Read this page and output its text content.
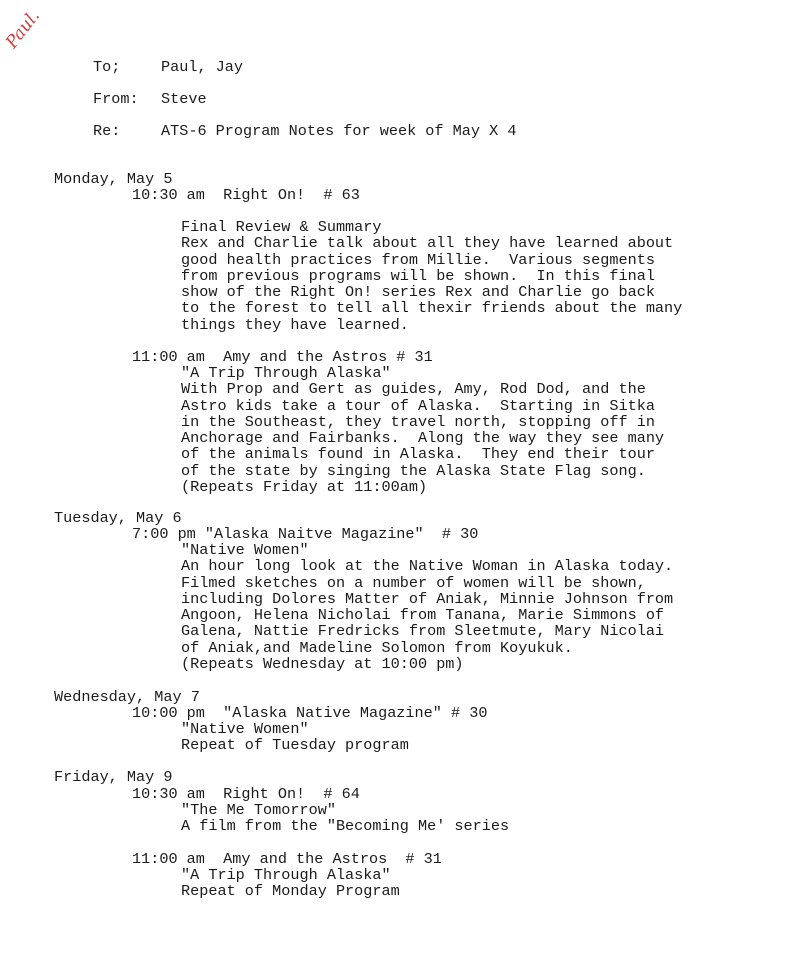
Paul.
To;	Paul, Jay
From: Steve
Re:	ATS-6 Program Notes for week of May X 4
Monday, May 5
10:30 am  Right On!  # 63
Final Review & Summary
Rex and Charlie talk about all they have learned about
good health practices from Millie.  Various segments
from previous programs will be shown.  In this final
show of the Right On! series Rex and Charlie go back
to the forest to tell all thexir friends about the many
things they have learned.
11:00 am  Amy and the Astros # 31
"A Trip Through Alaska"
With Prop and Gert as guides, Amy, Rod Dod, and the
Astro kids take a tour of Alaska.  Starting in Sitka
in the Southeast, they travel north, stopping off in
Anchorage and Fairbanks.  Along the way they see many
of the animals found in Alaska.  They end their tour
of the state by singing the Alaska State Flag song.
(Repeats Friday at 11:00am)
Tuesday, May 6
7:00 pm "Alaska Naitve Magazine"  # 30
"Native Women"
An hour long look at the Native Woman in Alaska today.
Filmed sketches on a number of women will be shown,
including Dolores Matter of Aniak, Minnie Johnson from
Angoon, Helena Nicholai from Tanana, Marie Simmons of
Galena, Nattie Fredricks from Sleetmute, Mary Nicolai
of Aniak,and Madeline Solomon from Koyukuk.
(Repeats Wednesday at 10:00 pm)
Wednesday, May 7
10:00 pm  "Alaska Native Magazine" # 30
"Native Women"
Repeat of Tuesday program
Friday, May 9
10:30 am  Right On!  # 64
"The Me Tomorrow"
A film from the "Becoming Me' series
11:00 am  Amy and the Astros  # 31
"A Trip Through Alaska"
Repeat of Monday Program
